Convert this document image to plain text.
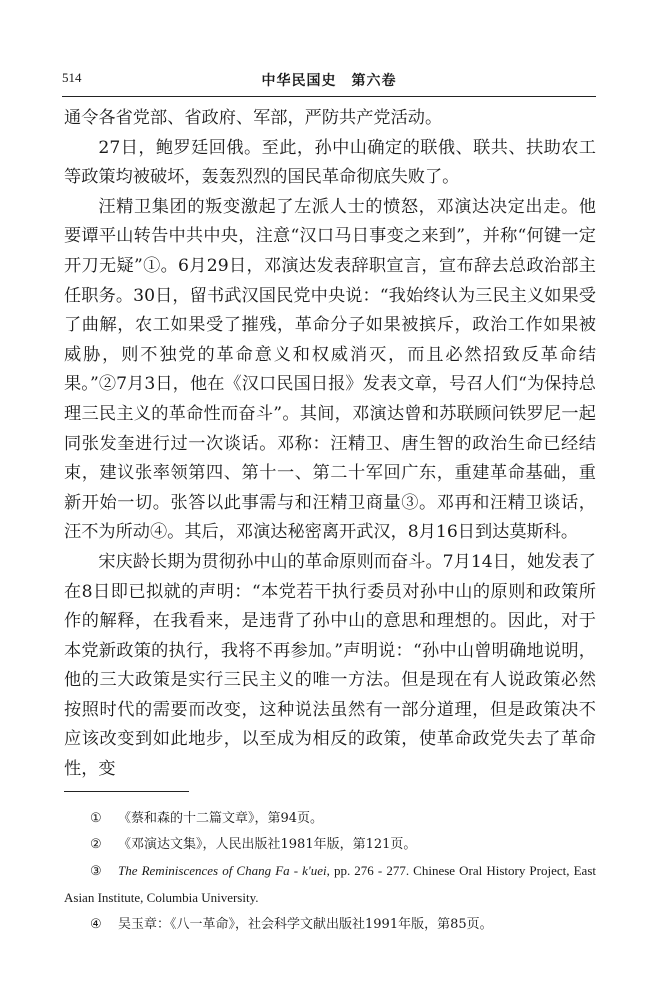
514	中华民国史　第六卷

通令各省党部、省政府、军部，严防共产党活动。

27日，鲍罗廷回俄。至此，孙中山确定的联俄、联共、扶助农工等政策均被破坏，轰轰烈烈的国民革命彻底失败了。

汪精卫集团的叛变激起了左派人士的愤怒，邓演达决定出走。他要谭平山转告中共中央，注意“汉口马日事变之来到”，并称“何键一定开刀无疑”①。6月29日，邓演达发表辞职宣言，宣布辞去总政治部主任职务。30日，留书武汉国民党中央说：“我始终认为三民主义如果受了曲解，农工如果受了摧残，革命分子如果被摈斥，政治工作如果被威胁，则不独党的革命意义和权威消灭，而且必然招致反革命结果。”②7月3日，他在《汉口民国日报》发表文章，号召人们“为保持总理三民主义的革命性而奋斗”。其间，邓演达曾和苏联顾问铁罗尼一起同张发奎进行过一次谈话。邓称：汪精卫、唐生智的政治生命已经结束，建议张率领第四、第十一、第二十军回广东，重建革命基础，重新开始一切。张答以此事需与和汪精卫商量③。邓再和汪精卫谈话，汪不为所动④。其后，邓演达秘密离开武汉，8月16日到达莫斯科。

宋庆龄长期为贯彻孙中山的革命原则而奋斗。7月14日，她发表了在8日即已拟就的声明：“本党若干执行委员对孙中山的原则和政策所作的解释，在我看来，是违背了孙中山的意思和理想的。因此，对于本党新政策的执行，我将不再参加。”声明说：“孙中山曾明确地说明，他的三大政策是实行三民主义的唯一方法。但是现在有人说政策必然按照时代的需要而改变，这种说法虽然有一部分道理，但是政策决不应该改变到如此地步，以至成为相反的政策，使革命政党失去了革命性，变

① 《蔡和森的十二篇文章》，第94页。

② 《邓演达文集》，人民出版社1981年版，第121页。

③ The Reminiscences of Chang Fa - k'uei, pp. 276 - 277. Chinese Oral History Project, East Asian Institute, Columbia University.

④ 吴玉章：《八一革命》，社会科学文献出版社1991年版，第85页。
